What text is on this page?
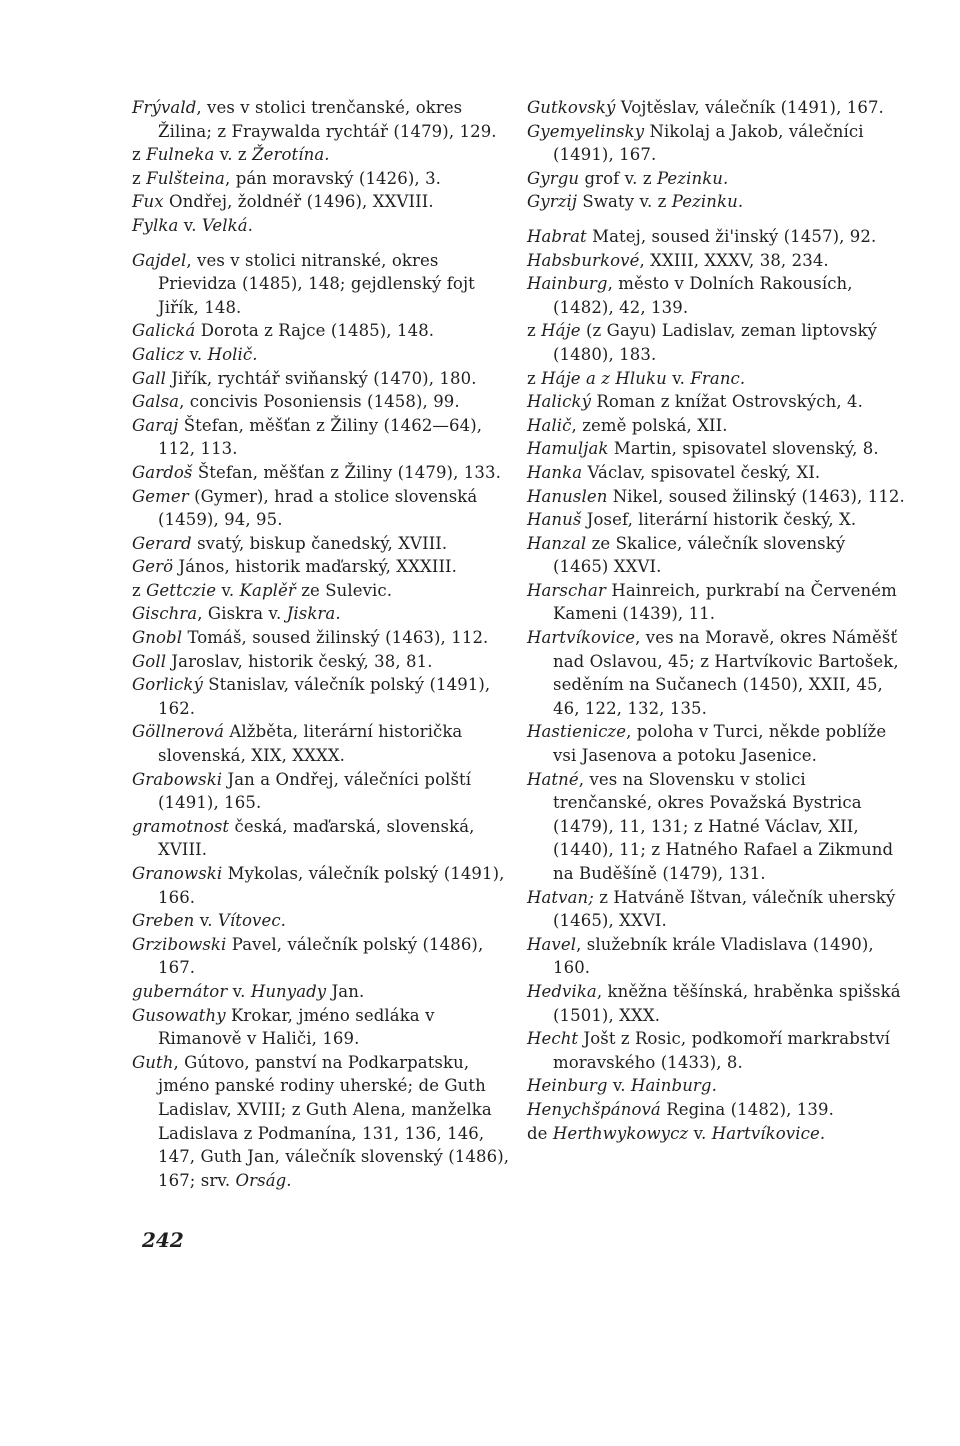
Frývald, ves v stolici trenčanské, okres Žilina; z Fraywalda rychtář (1479), 129.

z Fulneka v. z Žerotína.

z Fulšteina, pán moravský (1426), 3.

Fux Ondřej, žoldnéř (1496), XXVIII.

Fylka v. Velká.

Gajdel, ves v stolici nitranské, okres Prievidza (1485), 148; gejdlenský fojt Jiřík, 148.

Galická Dorota z Rajce (1485), 148.

Galicz v. Holič.

Gall Jiřík, rychtář sviňanský (1470), 180.

Galsa, concivis Posoniensis (1458), 99.

Garaj Štefan, měšťan z Žiliny (1462—64), 112, 113.

Gardoš Štefan, měšťan z Žiliny (1479), 133.

Gemer (Gymer), hrad a stolice slovenská (1459), 94, 95.

Gerard svatý, biskup čanedský, XVIII.

Gerö János, historik maďarský, XXXIII.

z Gettczie v. Kaplěř ze Sulevic.

Gischra, Giskra v. Jiskra.

Gnobl Tomáš, soused žilinský (1463), 112.

Goll Jaroslav, historik český, 38, 81.

Gorlický Stanislav, válečník polský (1491), 162.

Göllnerová Alžběta, literární historička slovenská, XIX, XXXX.

Grabowski Jan a Ondřej, válečníci polští (1491), 165.

gramotnost česká, maďarská, slovenská, XVIII.

Granowski Mykolas, válečník polský (1491), 166.

Greben v. Vítovec.

Grzibowski Pavel, válečník polský (1486), 167.

gubernátor v. Hunyady Jan.

Gusowathy Krokar, jméno sedláka v Rimanově v Haliči, 169.

Guth, Gútovo, panství na Podkarpatsku, jméno panské rodiny uherské; de Guth Ladislav, XVIII; z Guth Alena, manželka Ladislava z Podmanína, 131, 136, 146, 147, Guth Jan, válečník slovenský (1486), 167; srv. Orság.

Gutkovský Vojtěslav, válečník (1491), 167.

Gyemyelinsky Nikolaj a Jakob, válečníci (1491), 167.

Gyrgu grof v. z Pezinku.

Gyrzij Swaty v. z Pezinku.

Habrat Matej, soused ži'inský (1457), 92.

Habsburkové, XXIII, XXXV, 38, 234.

Hainburg, město v Dolních Rakousích, (1482), 42, 139.

z Háje (z Gayu) Ladislav, zeman liptovský (1480), 183.

z Háje a z Hluku v. Franc.

Halický Roman z knížat Ostrovských, 4.

Halič, země polská, XII.

Hamuljak Martin, spisovatel slovenský, 8.

Hanka Václav, spisovatel český, XI.

Hanuslen Nikel, soused žilinský (1463), 112.

Hanuš Josef, literární historik český, X.

Hanzal ze Skalice, válečník slovenský (1465) XXVI.

Harschar Hainreich, purkrabí na Červeném Kameni (1439), 11.

Hartvíkovice, ves na Moravě, okres Náměšť nad Oslavou, 45; z Hartvíkovic Bartošek, seděním na Sučanech (1450), XXII, 45, 46, 122, 132, 135.

Hastienicze, poloha v Turci, někde poblíže vsi Jasenova a potoku Jasenice.

Hatné, ves na Slovensku v stolici trenčanské, okres Považská Bystrica (1479), 11, 131; z Hatné Václav, XII, (1440), 11; z Hatného Rafael a Zikmund na Buděšíně (1479), 131.

Hatvan; z Hatváně Ištvan, válečník uherský (1465), XXVI.

Havel, služebník krále Vladislava (1490), 160.

Hedvika, kněžna těšínská, hraběnka spišská (1501), XXX.

Hecht Jošt z Rosic, podkomoří markrabství moravského (1433), 8.

Heinburg v. Hainburg.

Henychšpánová Regina (1482), 139.

de Herthwykowycz v. Hartvíkovice.

242
